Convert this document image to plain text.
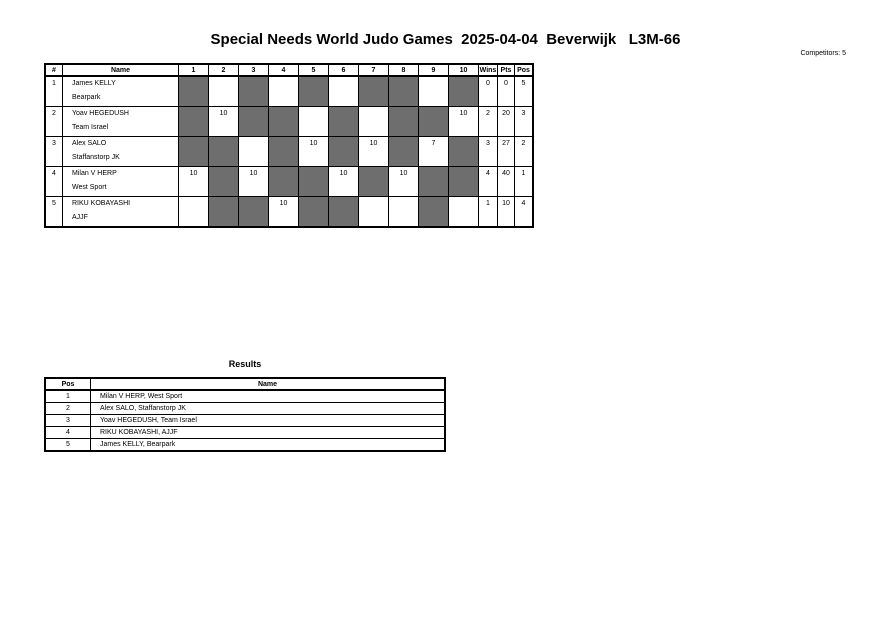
Special Needs World Judo Games  2025-04-04  Beverwijk   L3M-66
Competitors: 5
#	Name	1	2	3	4	5	6	7	8	9	10	Wins	Pts	Pos
1	James KELLY											0	0	5
	Bearpark													
2	Yoav HEGEDUSH		10								10	2	20	3
	Team Israel													
3	Alex SALO					10		10		7		3	27	2
	Staffanstorp JK													
4	Milan V HERP	10		10			10		10			4	40	1
	West Sport													
5	RIKU KOBAYASHI				10							1	10	4
	AJJF													
Results
Pos	Name
1	Milan V HERP, West Sport
2	Alex SALO, Staffanstorp JK
3	Yoav HEGEDUSH, Team Israel
4	RIKU KOBAYASHI, AJJF
5	James KELLY, Bearpark
